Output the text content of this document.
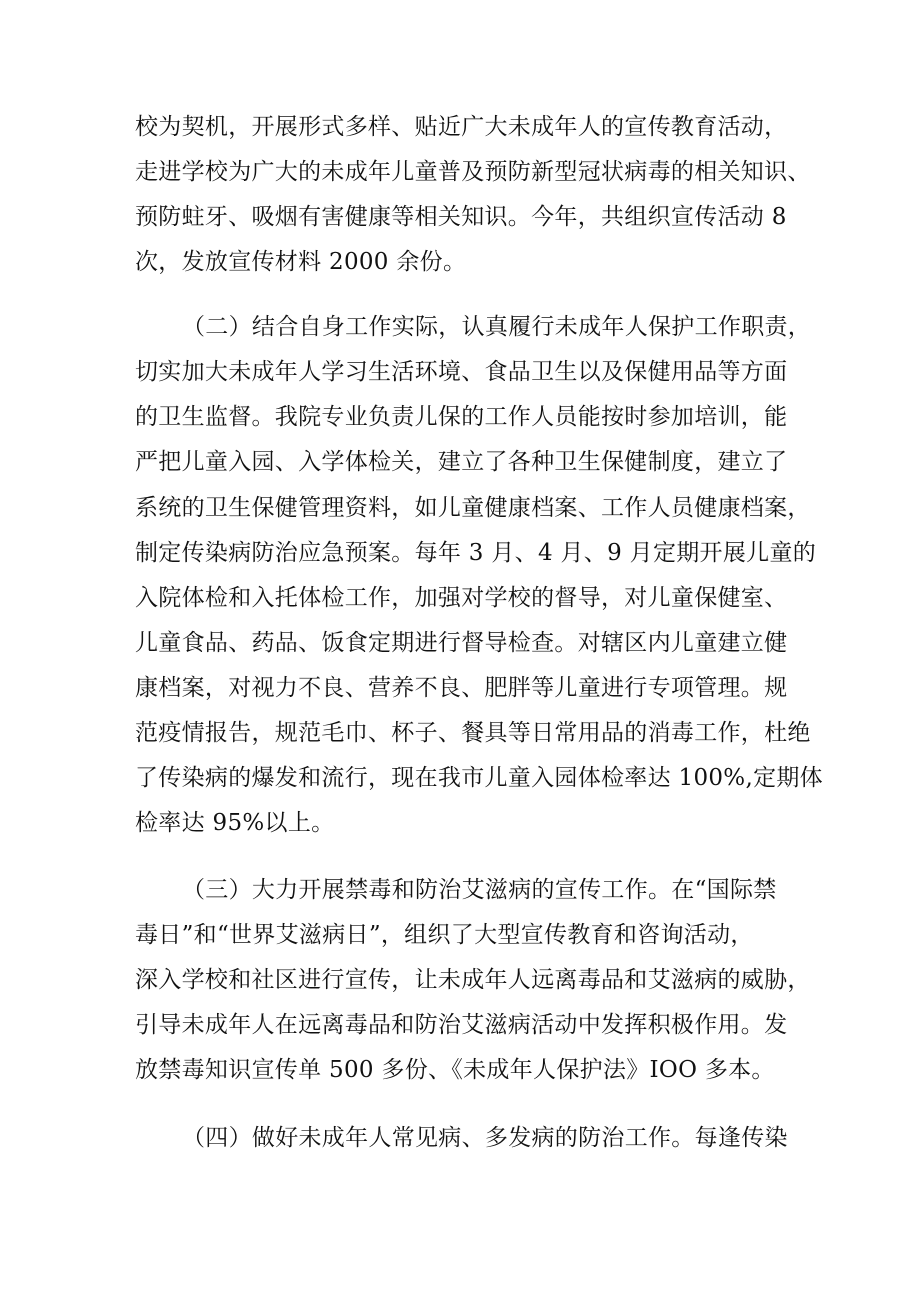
校为契机，开展形式多样、贴近广大未成年人的宣传教育活动，
走进学校为广大的未成年儿童普及预防新型冠状病毒的相关知识、
预防蛀牙、吸烟有害健康等相关知识。今年，共组织宣传活动 8
次，发放宣传材料 2000 余份。
（二）结合自身工作实际，认真履行未成年人保护工作职责，
切实加大未成年人学习生活环境、食品卫生以及保健用品等方面
的卫生监督。我院专业负责儿保的工作人员能按时参加培训，能
严把儿童入园、入学体检关，建立了各种卫生保健制度，建立了
系统的卫生保健管理资料，如儿童健康档案、工作人员健康档案，
制定传染病防治应急预案。每年 3 月、4 月、9 月定期开展儿童的
入院体检和入托体检工作，加强对学校的督导，对儿童保健室、
儿童食品、药品、饭食定期进行督导检查。对辖区内儿童建立健
康档案，对视力不良、营养不良、肥胖等儿童进行专项管理。规
范疫情报告，规范毛巾、杯子、餐具等日常用品的消毒工作，杜绝
了传染病的爆发和流行，现在我市儿童入园体检率达 100%,定期体
检率达 95%以上。
（三）大力开展禁毒和防治艾滋病的宣传工作。在“国际禁
毒日”和“世界艾滋病日”，组织了大型宣传教育和咨询活动，
深入学校和社区进行宣传，让未成年人远离毒品和艾滋病的威胁，
引导未成年人在远离毒品和防治艾滋病活动中发挥积极作用。发
放禁毒知识宣传单 500 多份、《未成年人保护法》IOO 多本。
（四）做好未成年人常见病、多发病的防治工作。每逢传染
